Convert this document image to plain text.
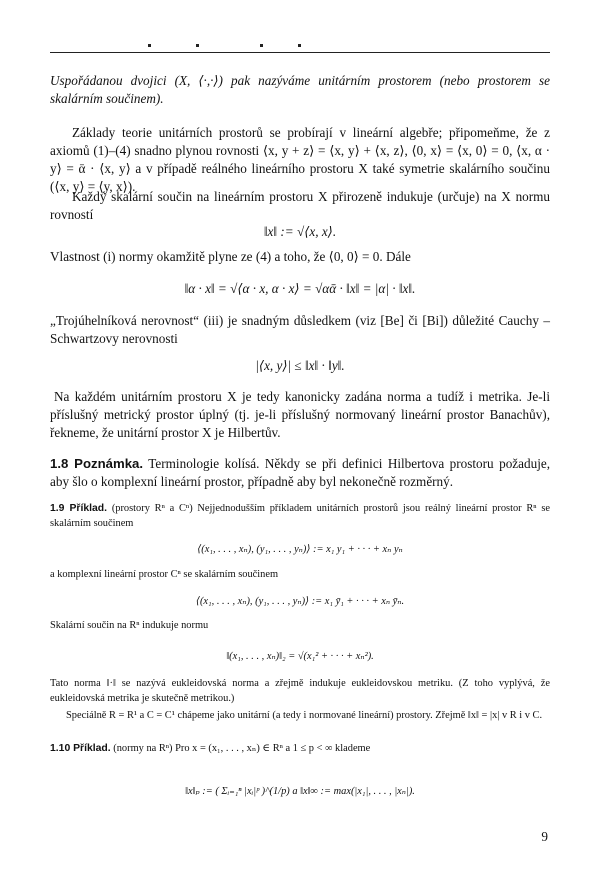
Uspořádanou dvojici (X, ⟨·,·⟩) pak nazýváme unitárním prostorem (nebo prostorem se skalárním součinem).

Základy teorie unitárních prostorů se probírají v lineární algebře; připomeňme, že z axiomů (1)–(4) snadno plynou rovnosti ⟨x, y + z⟩ = ⟨x, y⟩ + ⟨x, z⟩, ⟨0, x⟩ = ⟨x, 0⟩ = 0, ⟨x, α · y⟩ = ᾱ · ⟨x, y⟩ a v případě reálného lineárního prostoru X také symetrie skalárního součinu (⟨x, y⟩ = ⟨y, x⟩).

Každý skalární součin na lineárním prostoru X přirozeně indukuje (určuje) na X normu rovností

‖x‖ := √⟨x, x⟩.

Vlastnost (i) normy okamžitě plyne ze (4) a toho, že ⟨0, 0⟩ = 0. Dále

‖α · x‖ = √⟨α · x, α · x⟩ = √αᾱ · ‖x‖ = |α| · ‖x‖.

„Trojúhelníková nerovnost“ (iii) je snadným důsledkem (viz [Be] či [Bi]) důležité Cauchy – Schwartzovy nerovnosti

|⟨x, y⟩| ≤ ‖x‖ · ‖y‖.

Na každém unitárním prostoru X je tedy kanonicky zadána norma a tudíž i metrika. Je-li příslušný metrický prostor úplný (tj. je-li příslušný normovaný lineární prostor Banachův), řekneme, že unitární prostor X je Hilbertův.

1.8 Poznámka. Terminologie kolísá. Někdy se při definici Hilbertova prostoru požaduje, aby šlo o komplexní lineární prostor, případně aby byl nekonečně rozměrný.

1.9 Příklad. (prostory Rⁿ a Cⁿ) Nejjednodušším příkladem unitárních prostorů jsou reálný lineární prostor Rⁿ se skalárním součinem

⟨(x₁, . . . , xₙ), (y₁, . . . , yₙ)⟩ := x₁ y₁ + · · · + xₙ yₙ

a komplexní lineární prostor Cⁿ se skalárním součinem

⟨(x₁, . . . , xₙ), (y₁, . . . , yₙ)⟩ := x₁ ȳ₁ + · · · + xₙ ȳₙ.

Skalární součin na Rⁿ indukuje normu

‖(x₁, . . . , xₙ)‖₂ = √(x₁² + · · · + xₙ²).

Tato norma ‖·‖ se nazývá eukleidovská norma a zřejmě indukuje eukleidovskou metriku. (Z toho vyplývá, že eukleidovská metrika je skutečně metrikou.)

Speciálně R = R¹ a C = C¹ chápeme jako unitární (a tedy i normované lineární) prostory. Zřejmě ‖x‖ = |x| v R i v C.

1.10 Příklad. (normy na Rⁿ) Pro x = (x₁, . . . , xₙ) ∈ Rⁿ a 1 ≤ p < ∞ klademe

‖x‖ₚ := ( Σᵢ₌₁ⁿ |xᵢ|ᵖ )^(1/p) a ‖x‖∞ := max(|x₁|, . . . , |xₙ|).

9
